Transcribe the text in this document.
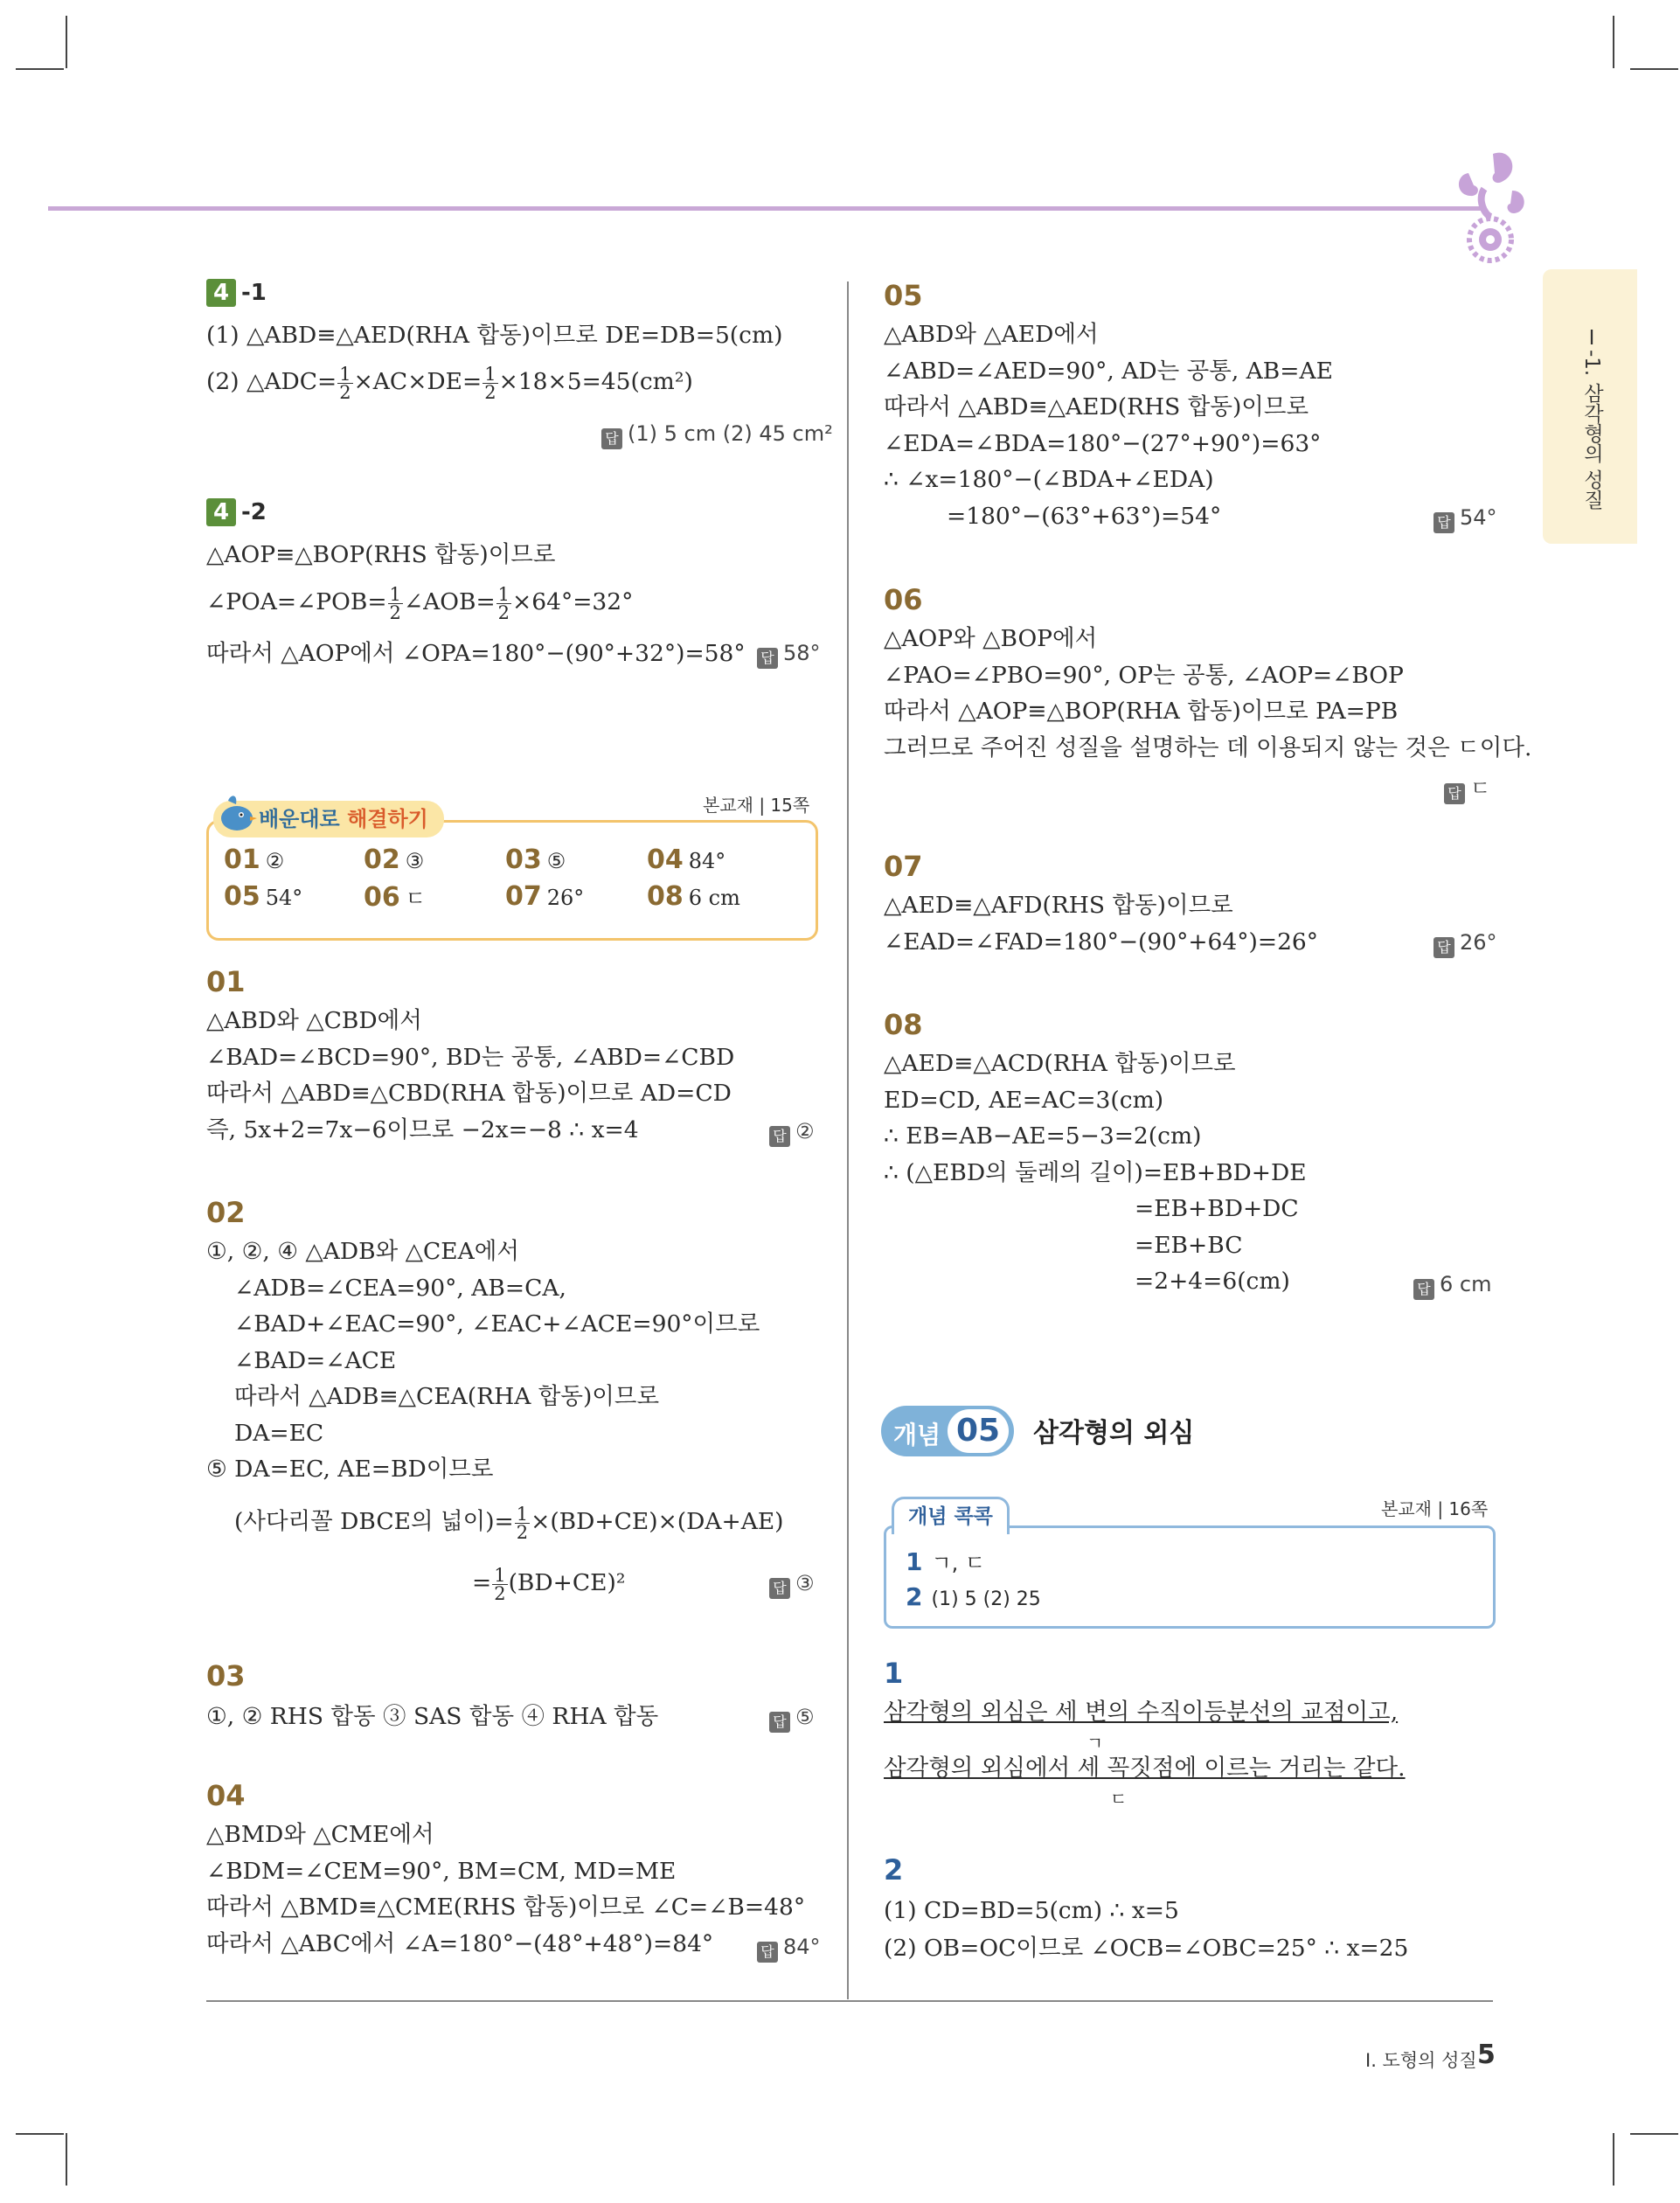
Ⅰ-1. 삼각형의 성질
4 -1
(1) △ABD≡△AED(RHA 합동)이므로 DE=DB=5(cm)
(2) △ADC= $\frac{1}{2} \times AC\times DE= \frac{1}{2} \times 18\times 5=45(cm^2)$
답 (1) 5 cm (2) 45 cm²
4 -2
△AOP≡△BOP(RHS 합동)이므로
∠POA=∠POB= $\frac{1}{2}$ ∠AOB= $\frac{1}{2} \times 64^\circ=32^\circ$
따라서 △AOP에서 ∠OPA=180°−(90°+32°)=58° 답 58°
본교재 | 15쪽
배운대로 해결하기
01 ②	02 ③	03 ⑤	04 84°
05 54° 06 ㄷ	07 26° 08 6 cm
01
△ABD와 △CBD에서
∠BAD=∠BCD=90°, BD는 공통, ∠ABD=∠CBD
따라서 △ABD≡△CBD(RHA 합동)이므로 AD=CD
즉, 5x+2=7x−6이므로 −2x=−8 ∴ x=4	답 ②
02
①, ②, ④ △ADB와 △CEA에서
∠ADB=∠CEA=90°, AB=CA,
∠BAD+∠EAC=90°, ∠EAC+∠ACE=90°이므로
∠BAD=∠ACE
따라서 △ADB≡△CEA(RHA 합동)이므로
DA=EC
⑤ DA=EC, AE=BD이므로
(사다리꼴 DBCE의 넓이)= $\frac{1}{2} \times(BD+CE)\times(DA+AE)$
= $\frac{1}{2} (BD+CE)^2$	답 ③
03
①, ② RHS 합동 ③ SAS 합동 ④ RHA 합동	답 ⑤
04
△BMD와 △CME에서
∠BDM=∠CEM=90°, BM=CM, MD=ME
따라서 △BMD≡△CME(RHS 합동)이므로 ∠C=∠B=48°
따라서 △ABC에서 ∠A=180°−(48°+48°)=84°	답 84°
05
△ABD와 △AED에서
∠ABD=∠AED=90°, AD는 공통, AB=AE
따라서 △ABD≡△AED(RHS 합동)이므로
∠EDA=∠BDA=180°−(27°+90°)=63°
∴ ∠x=180°−(∠BDA+∠EDA)
=180°−(63°+63°)=54°	답 54°
06
△AOP와 △BOP에서
∠PAO=∠PBO=90°, OP는 공통, ∠AOP=∠BOP
따라서 △AOP≡△BOP(RHA 합동)이므로 PA=PB
그러므로 주어진 성질을 설명하는 데 이용되지 않는 것은 ㄷ이다.
답 ㄷ
07
△AED≡△AFD(RHS 합동)이므로
∠EAD=∠FAD=180°−(90°+64°)=26°	답 26°
08
△AED≡△ACD(RHA 합동)이므로
ED=CD, AE=AC=3(cm)
∴ EB=AB−AE=5−3=2(cm)
∴ (△EBD의 둘레의 길이)=EB+BD+DE
=EB+BD+DC
=EB+BC
=2+4=6(cm)	답 6 cm
개념 05	삼각형의 외심
본교재 | 16쪽
개념 콕콕
1 ㄱ, ㄷ
2 (1) 5 (2) 25
1
삼각형의 외심은 세 변의 수직이등분선의 교점이고,
ㄱ
삼각형의 외심에서 세 꼭짓점에 이르는 거리는 같다.
ㄷ
2
(1) CD=BD=5(cm) ∴ x=5
(2) OB=OC이므로 ∠OCB=∠OBC=25° ∴ x=25
Ⅰ. 도형의 성질 5
